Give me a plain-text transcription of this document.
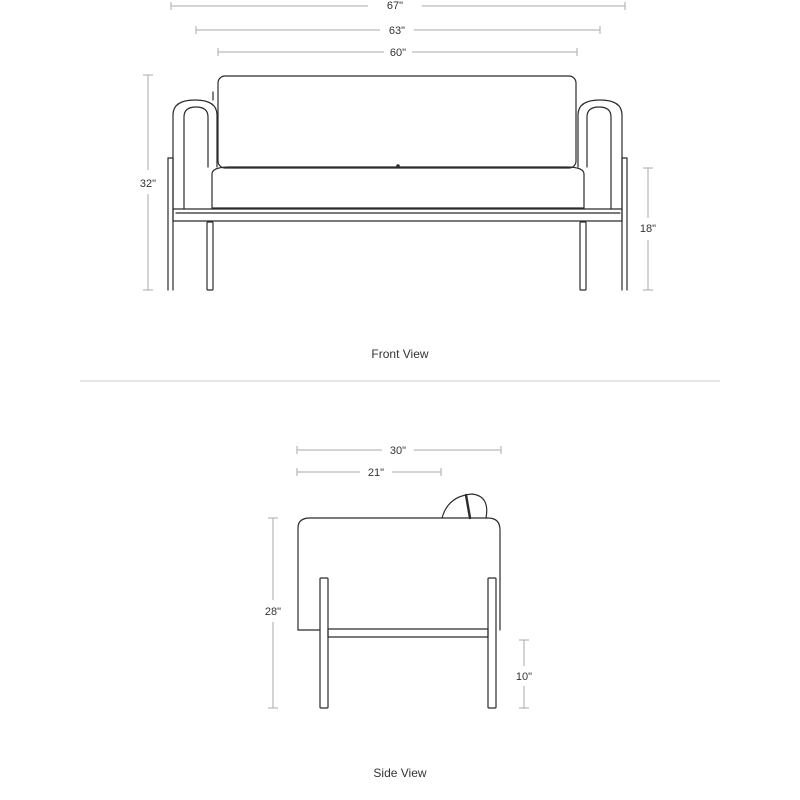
67"
63"
60"
32"
18"
Front View
30"
21"
28"
10"
Side View
